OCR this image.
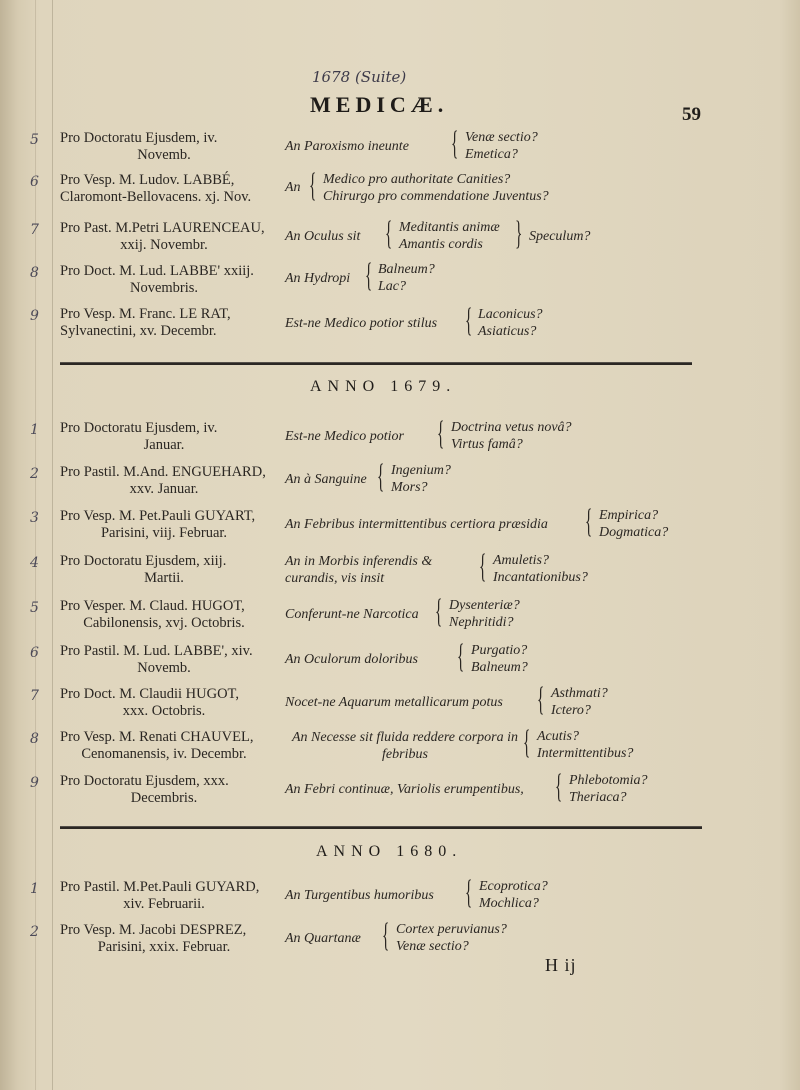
1678 (Suite)
MEDICÆ.	59
5 Pro Doctoratu Ejusdem, iv.
Novemb.
An Paroxismo ineunte { Venæ sectio?
Emetica?
6 Pro Vesp. M. Ludov. LABBÉ,
Claromont-Bellovacens. xj. Nov.
An { Medico pro authoritate Canities?
Chirurgo pro commendatione Juventus?
7 Pro Past. M.Petri LAURENCEAU,
xxij. Novembr.
An Oculus sit { Meditantis animæ
Amantis cordis } Speculum?
8 Pro Doct. M. Lud. LABBE' xxiij.
Novembris.
An Hydropi { Balneum?
Lac?
9 Pro Vesp. M. Franc. LE RAT,
Sylvanectini, xv. Decembr.	Est-ne Medico potior stilus { Laconicus?
Asiaticus?
ANNO 1679.
1 Pro Doctoratu Ejusdem, iv.
Januar.
Est-ne Medico potior { Doctrina vetus novâ?
Virtus famâ?
2 Pro Pastil. M.And. ENGUEHARD,
xxv. Januar.
An à Sanguine { Ingenium?
Mors?
3 Pro Vesp. M. Pet.Pauli GUYART,
Parisini, viij. Februar.
An Febribus intermittentibus certiora præsidia { Empirica?
Dogmatica?
4 Pro Doctoratu Ejusdem, xiij.
Martii.
An in Morbis inferendis & curandis, vis insit	{ Amuletis?
Incantationibus?
5 Pro Vesper. M. Claud. HUGOT,
Cabilonensis, xvj. Octobris.
Conferunt-ne Narcotica { Dysenteriæ?
Nephritidi?
6 Pro Pastil. M. Lud. LABBE', xiv.
Novemb.
An Oculorum doloribus { Purgatio?
Balneum?
7 Pro Doct. M. Claudii HUGOT,
xxx. Octobris.
Nocet-ne Aquarum metallicarum potus { Asthmati?
Ictero?
8 Pro Vesp. M. Renati CHAUVEL,
Cenomanensis, iv. Decembr.
An Necesse sit fluida reddere corpora in febribus	{ Acutis?
Intermittentibus?
9 Pro Doctoratu Ejusdem, xxx.
Decembris.
An Febri continuæ, Variolis erumpentibus, { Phlebotomia?
Theriaca?
ANNO 1680.
1 Pro Pastil. M.Pet.Pauli GUYARD,
xiv. Februarii.
An Turgentibus humoribus { Ecoprotica?
Mochlica?
2 Pro Vesp. M. Jacobi DESPREZ,
Parisini, xxix. Februar.
An Quartanæ { Cortex peruvianus?
Venæ sectio?
H ij
